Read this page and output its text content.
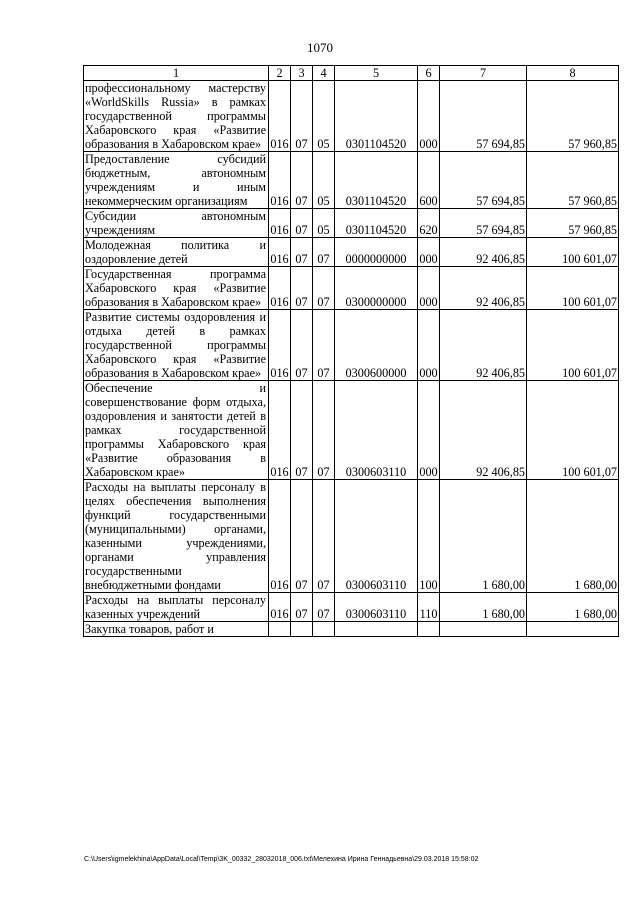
1070
1	2	3	4	5	6	7	8
профессиональному мастерству «WorldSkills Russia» в рамках государственной программы Хабаровского края «Развитие образования в Хабаровском крае»	016	07	05	0301104520	000	57 694,85	57 960,85
Предоставление субсидий бюджетным, автономным учреждениям и иным некоммерческим организациям	016	07	05	0301104520	600	57 694,85	57 960,85
Субсидии автономным учреждениям	016	07	05	0301104520	620	57 694,85	57 960,85
Молодежная политика и оздоровление детей	016	07	07	0000000000	000	92 406,85	100 601,07
Государственная программа Хабаровского края «Развитие образования в Хабаровском крае»	016	07	07	0300000000	000	92 406,85	100 601,07
Развитие системы оздоровления и отдыха детей в рамках государственной программы Хабаровского края «Развитие образования в Хабаровском крае»	016	07	07	0300600000	000	92 406,85	100 601,07
Обеспечение и совершенствование форм отдыха, оздоровления и занятости детей в рамках государственной программы Хабаровского края «Развитие образования в Хабаровском крае»	016	07	07	0300603110	000	92 406,85	100 601,07
Расходы на выплаты персоналу в целях обеспечения выполнения функций государственными (муниципальными) органами, казенными учреждениями, органами управления государственными внебюджетными фондами	016	07	07	0300603110	100	1 680,00	1 680,00
Расходы на выплаты персоналу казенных учреждений	016	07	07	0300603110	110	1 680,00	1 680,00
Закупка товаров, работ и							
C:\Users\igmelekhina\AppData\Local\Temp\3K_00332_28032018_006.txt\Мелехина Ирина Геннадьевна\29.03.2018 15:58:02
